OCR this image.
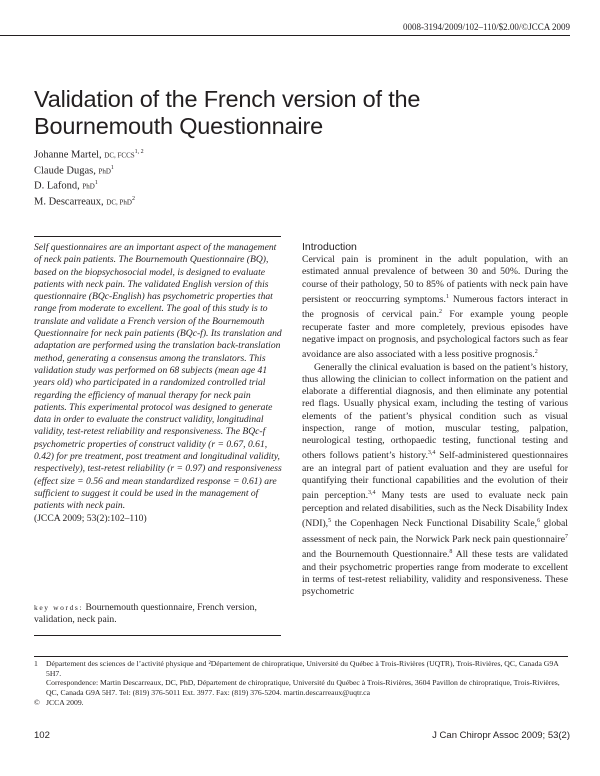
0008-3194/2009/102–110/$2.00/©JCCA 2009
Validation of the French version of the Bournemouth Questionnaire
Johanne Martel, DC, FCCS$^{1, 2}$
Claude Dugas, PhD$^1$
D. Lafond, PhD$^1$
M. Descarreaux, DC, PhD$^2$
Self questionnaires are an important aspect of the management of neck pain patients. The Bournemouth Questionnaire (BQ), based on the biopsychosocial model, is designed to evaluate patients with neck pain. The validated English version of this questionnaire (BQc-English) has psychometric properties that range from moderate to excellent. The goal of this study is to translate and validate a French version of the Bournemouth Questionnaire for neck pain patients (BQc-f). Its translation and adaptation are performed using the translation back-translation method, generating a consensus among the translators. This validation study was performed on 68 subjects (mean age 41 years old) who participated in a randomized controlled trial regarding the efficiency of manual therapy for neck pain patients. This experimental protocol was designed to generate data in order to evaluate the construct validity, longitudinal validity, test-retest reliability and responsiveness. The BQc-f psychometric properties of construct validity (r = 0.67, 0.61, 0.42) for pre treatment, post treatment and longitudinal validity, respectively), test-retest reliability (r = 0.97) and responsiveness (effect size = 0.56 and mean standardized response = 0.61) are sufficient to suggest it could be used in the management of patients with neck pain.
(JCCA 2009; 53(2):102–110)
key words: Bournemouth questionnaire, French version, validation, neck pain.
Introduction

Cervical pain is prominent in the adult population, with an estimated annual prevalence of between 30 and 50%. During the course of their pathology, 50 to 85% of patients with neck pain have persistent or reoccurring symptoms.$^1$ Numerous factors interact in the prognosis of cervical pain.$^2$ For example young people recuperate faster and more completely, previous episodes have negative impact on prognosis, and psychological factors such as fear avoidance are also associated with a less positive prognosis.$^2$

Generally the clinical evaluation is based on the patient’s history, thus allowing the clinician to collect information on the patient and elaborate a differential diagnosis, and then eliminate any potential red flags. Usually physical exam, including the testing of various elements of the patient’s physical condition such as visual inspection, range of motion, muscular testing, palpation, neurological testing, orthopaedic testing, functional testing and others follows patient’s history.$^{3,4}$ Self-administered questionnaires are an integral part of patient evaluation and they are useful for quantifying their functional capabilities and the evolution of their pain perception.$^{3,4}$ Many tests are used to evaluate neck pain perception and related disabilities, such as the Neck Disability Index (NDI),$^5$ the Copenhagen Neck Functional Disability Scale,$^6$ global assessment of neck pain, the Norwick Park neck pain questionnaire$^7$ and the Bournemouth Questionnaire.$^8$ All these tests are validated and their psychometric properties range from moderate to excellent in terms of test-retest reliability, validity and responsiveness. These psychometric

1	Département des sciences de l’activité physique and ²Département de chiropratique, Université du Québec à Trois-Rivières (UQTR), Trois-Rivières, QC, Canada G9A 5H7.
Correspondence: Martin Descarreaux, DC, PhD, Département de chiropratique, Université du Québec à Trois-Rivières, 3604 Pavillon de chiropratique, Trois-Rivières, QC, Canada G9A 5H7. Tel: (819) 376-5011 Ext. 3977. Fax: (819) 376-5204. martin.descarreaux@uqtr.ca
© JCCA 2009.
102	J Can Chiropr Assoc 2009; 53(2)
